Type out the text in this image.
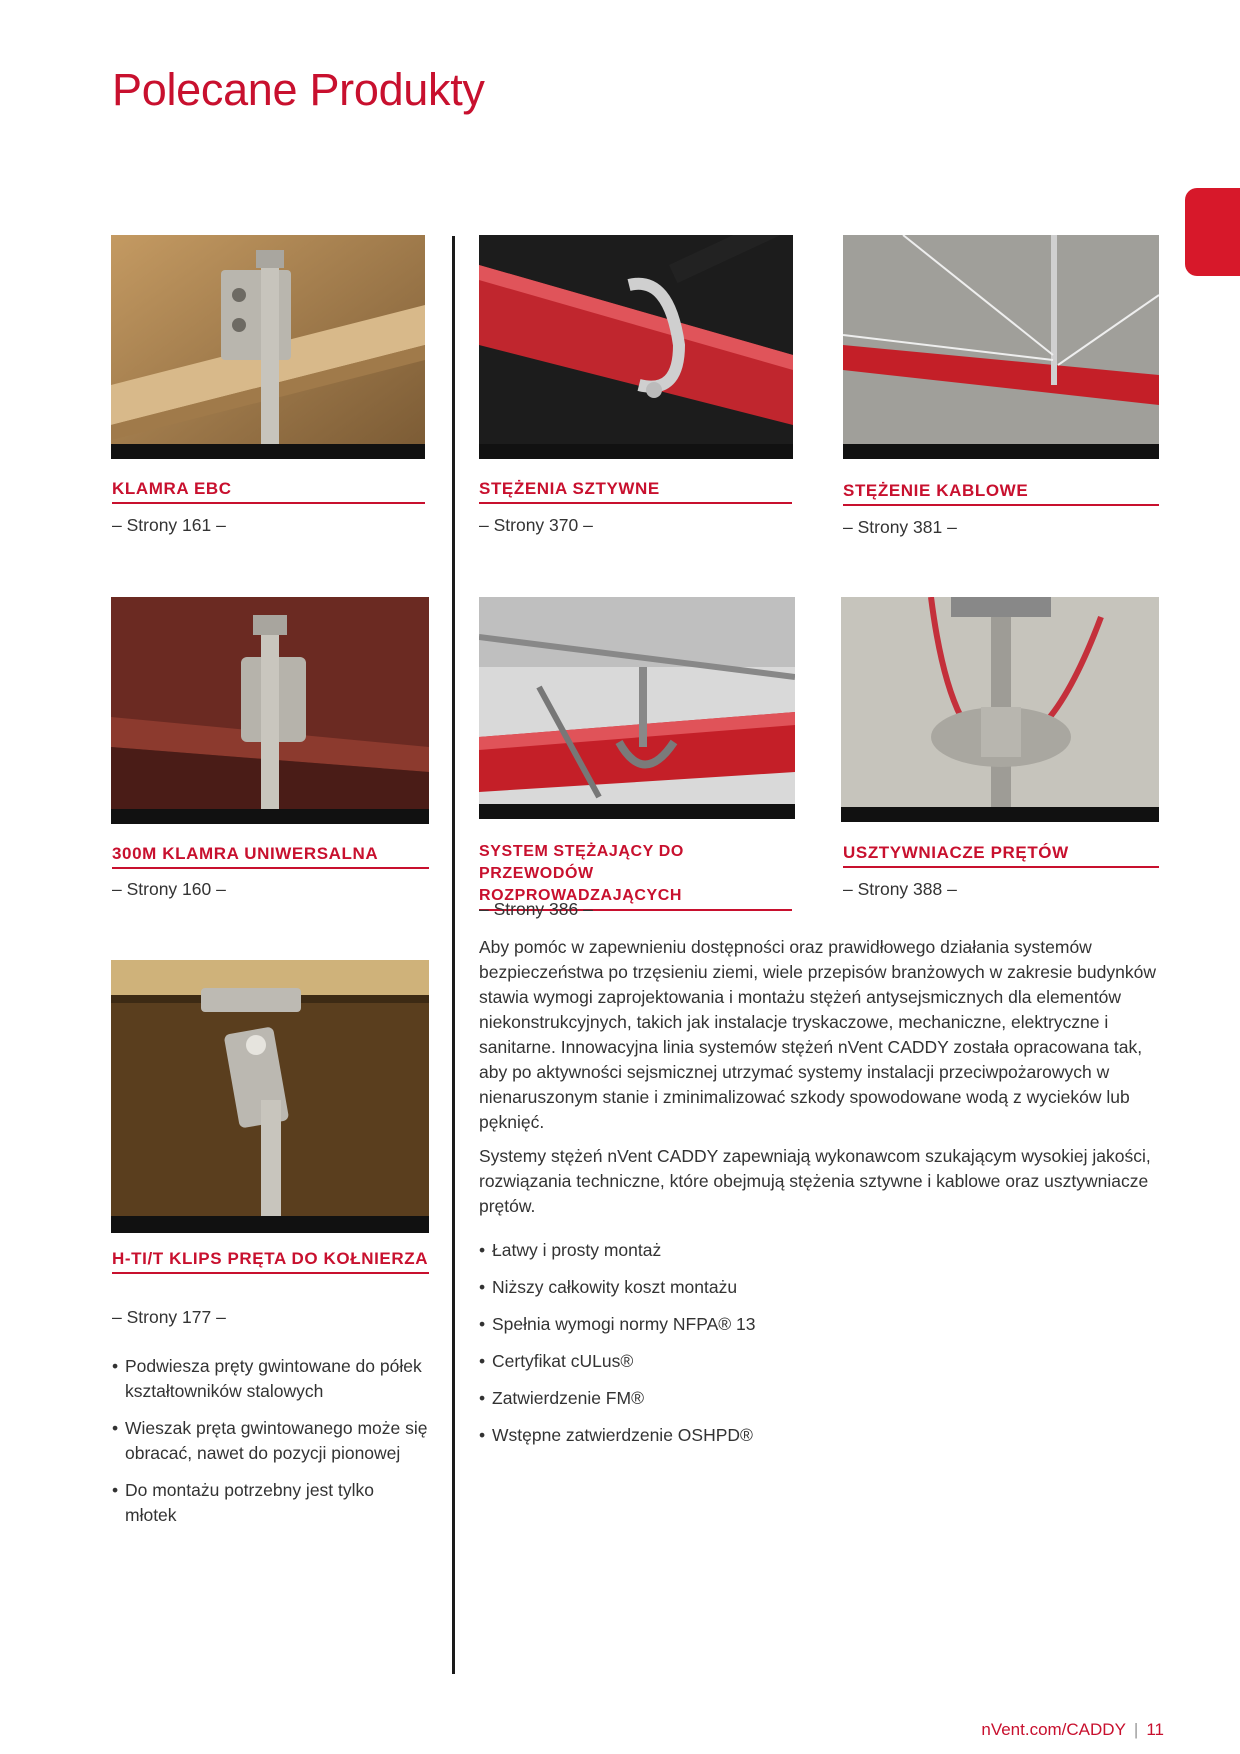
Polecane Produkty
KLAMRA EBC
– Strony 161 –
STĘŻENIA SZTYWNE
– Strony 370 –
STĘŻENIE KABLOWE
– Strony 381 –
300M KLAMRA UNIWERSALNA
– Strony 160 –
SYSTEM STĘŻAJĄCY DO PRZEWODÓW ROZPROWADZAJĄCYCH
– Strony 386 –
USZTYWNIACZE PRĘTÓW
– Strony 388 –
H-TI/T KLIPS PRĘTA DO KOŁNIERZA
– Strony 177 –
• Podwiesza pręty gwintowane do półek kształtowników stalowych
• Wieszak pręta gwintowanego może się obracać, nawet do pozycji pionowej
• Do montażu potrzebny jest tylko młotek

Aby pomóc w zapewnieniu dostępności oraz prawidłowego działania systemów bezpieczeństwa po trzęsieniu ziemi, wiele przepisów branżowych w zakresie budynków stawia wymogi zaprojektowania i montażu stężeń antysejsmicznych dla elementów niekonstrukcyjnych, takich jak instalacje tryskaczowe, mechaniczne, elektryczne i sanitarne. Innowacyjna linia systemów stężeń nVent CADDY została opracowana tak, aby po aktywności sejsmicznej utrzymać systemy instalacji przeciwpożarowych w nienaruszonym stanie i zminimalizować szkody spowodowane wodą z wycieków lub pęknięć.

Systemy stężeń nVent CADDY zapewniają wykonawcom szukającym wysokiej jakości, rozwiązania techniczne, które obejmują stężenia sztywne i kablowe oraz usztywniacze prętów.

• Łatwy i prosty montaż
• Niższy całkowity koszt montażu
• Spełnia wymogi normy NFPA® 13
• Certyfikat cULus®
• Zatwierdzenie FM®
• Wstępne zatwierdzenie OSHPD®
nVent.com/CADDY | 11
